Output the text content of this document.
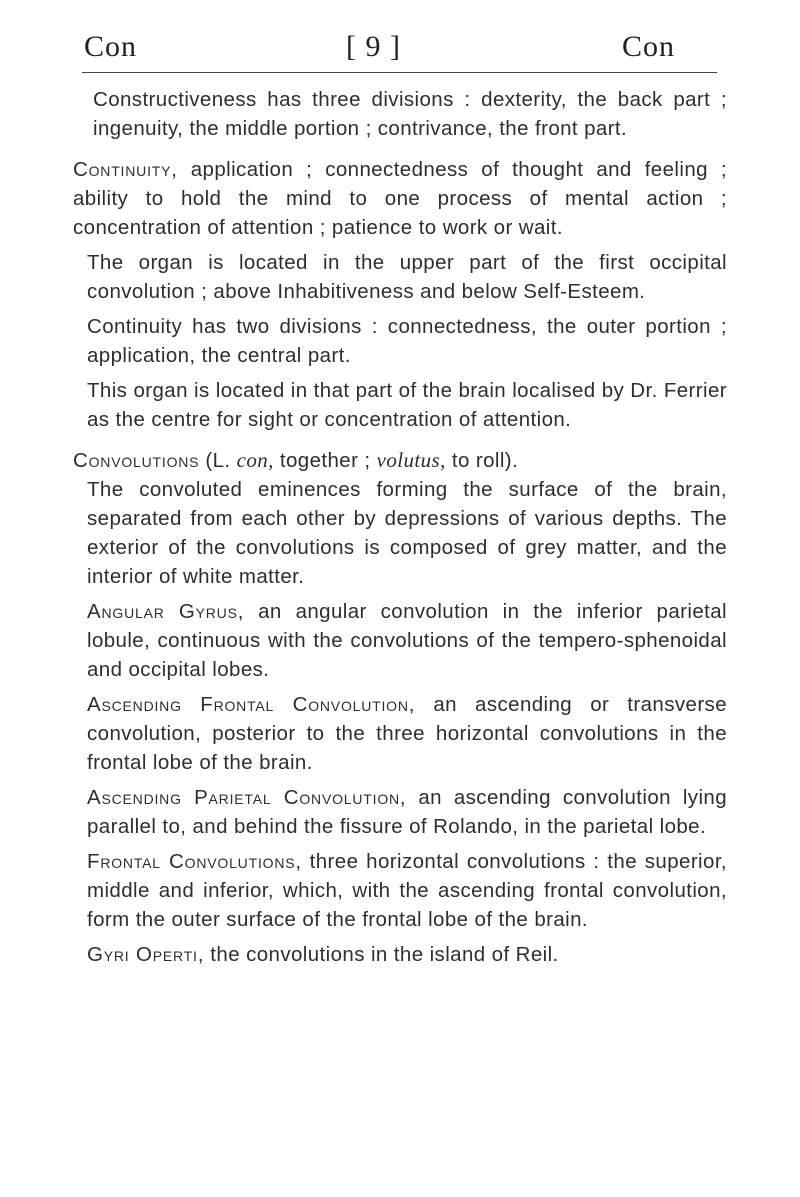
Con	[ 9 ]	Con

Constructiveness has three divisions : dexterity, the back part ; ingenuity, the middle portion ; contrivance, the front part.

Continuity, application ; connectedness of thought and feeling ; ability to hold the mind to one process of mental action ; concentration of attention ; patience to work or wait.

The organ is located in the upper part of the first occipital convolution ; above Inhabitiveness and below Self-Esteem.

Continuity has two divisions : connectedness, the outer portion ; application, the central part.

This organ is located in that part of the brain localised by Dr. Ferrier as the centre for sight or concentration of attention.

Convolutions (L. con, together ; volutus, to roll).

The convoluted eminences forming the surface of the brain, separated from each other by depressions of various depths. The exterior of the convolutions is composed of grey matter, and the interior of white matter.

Angular Gyrus, an angular convolution in the inferior parietal lobule, continuous with the convolutions of the tempero-sphenoidal and occipital lobes.

Ascending Frontal Convolution, an ascending or transverse convolution, posterior to the three horizontal convolutions in the frontal lobe of the brain.

Ascending Parietal Convolution, an ascending convolution lying parallel to, and behind the fissure of Rolando, in the parietal lobe.

Frontal Convolutions, three horizontal convolutions : the superior, middle and inferior, which, with the ascending frontal convolution, form the outer surface of the frontal lobe of the brain.

Gyri Operti, the convolutions in the island of Reil.
